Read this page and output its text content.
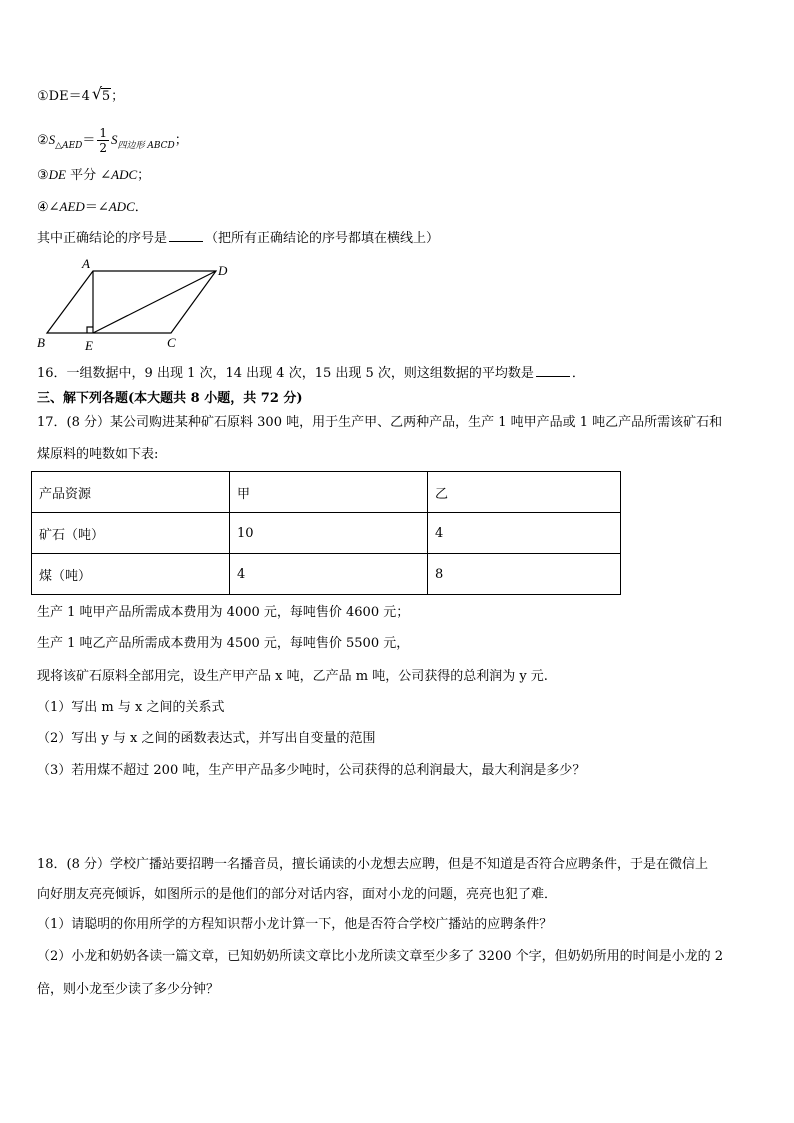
①DE＝4 √ 5；
$②S_{\triangle AED}= \frac{1}{2} S_{四边形 ABCD}$；
③DE 平分 ∠ADC；
④∠AED＝∠ADC．
其中正确结论的序号是	（把所有正确结论的序号都填在横线上）
A	D
B	E	C
16．一组数据中，9 出现 1 次，14 出现 4 次，15 出现 5 次，则这组数据的平均数是	．
三、解下列各题(本大题共 8 小题，共 72 分)
17．(8 分）某公司购进某种矿石原料 300 吨，用于生产甲、乙两种产品，生产 1 吨甲产品或 1 吨乙产品所需该矿石和
煤原料的吨数如下表:
产品资源	甲	乙
矿石（吨）	10	4
煤（吨）	4	8
生产 1 吨甲产品所需成本费用为 4000 元，每吨售价 4600 元；
生产 1 吨乙产品所需成本费用为 4500 元，每吨售价 5500 元，
现将该矿石原料全部用完，设生产甲产品 x 吨，乙产品 m 吨，公司获得的总利润为 y 元.
（1）写出 m 与 x 之间的关系式
（2）写出 y 与 x 之间的函数表达式，并写出自变量的范围
（3）若用煤不超过 200 吨，生产甲产品多少吨时，公司获得的总利润最大，最大利润是多少？
18．(8 分）学校广播站要招聘一名播音员，擅长诵读的小龙想去应聘，但是不知道是否符合应聘条件，于是在微信上
向好朋友亮亮倾诉，如图所示的是他们的部分对话内容，面对小龙的问题，亮亮也犯了难．
（1）请聪明的你用所学的方程知识帮小龙计算一下，他是否符合学校广播站的应聘条件？
（2）小龙和奶奶各读一篇文章，已知奶奶所读文章比小龙所读文章至少多了 3200 个字，但奶奶所用的时间是小龙的 2
倍，则小龙至少读了多少分钟？
